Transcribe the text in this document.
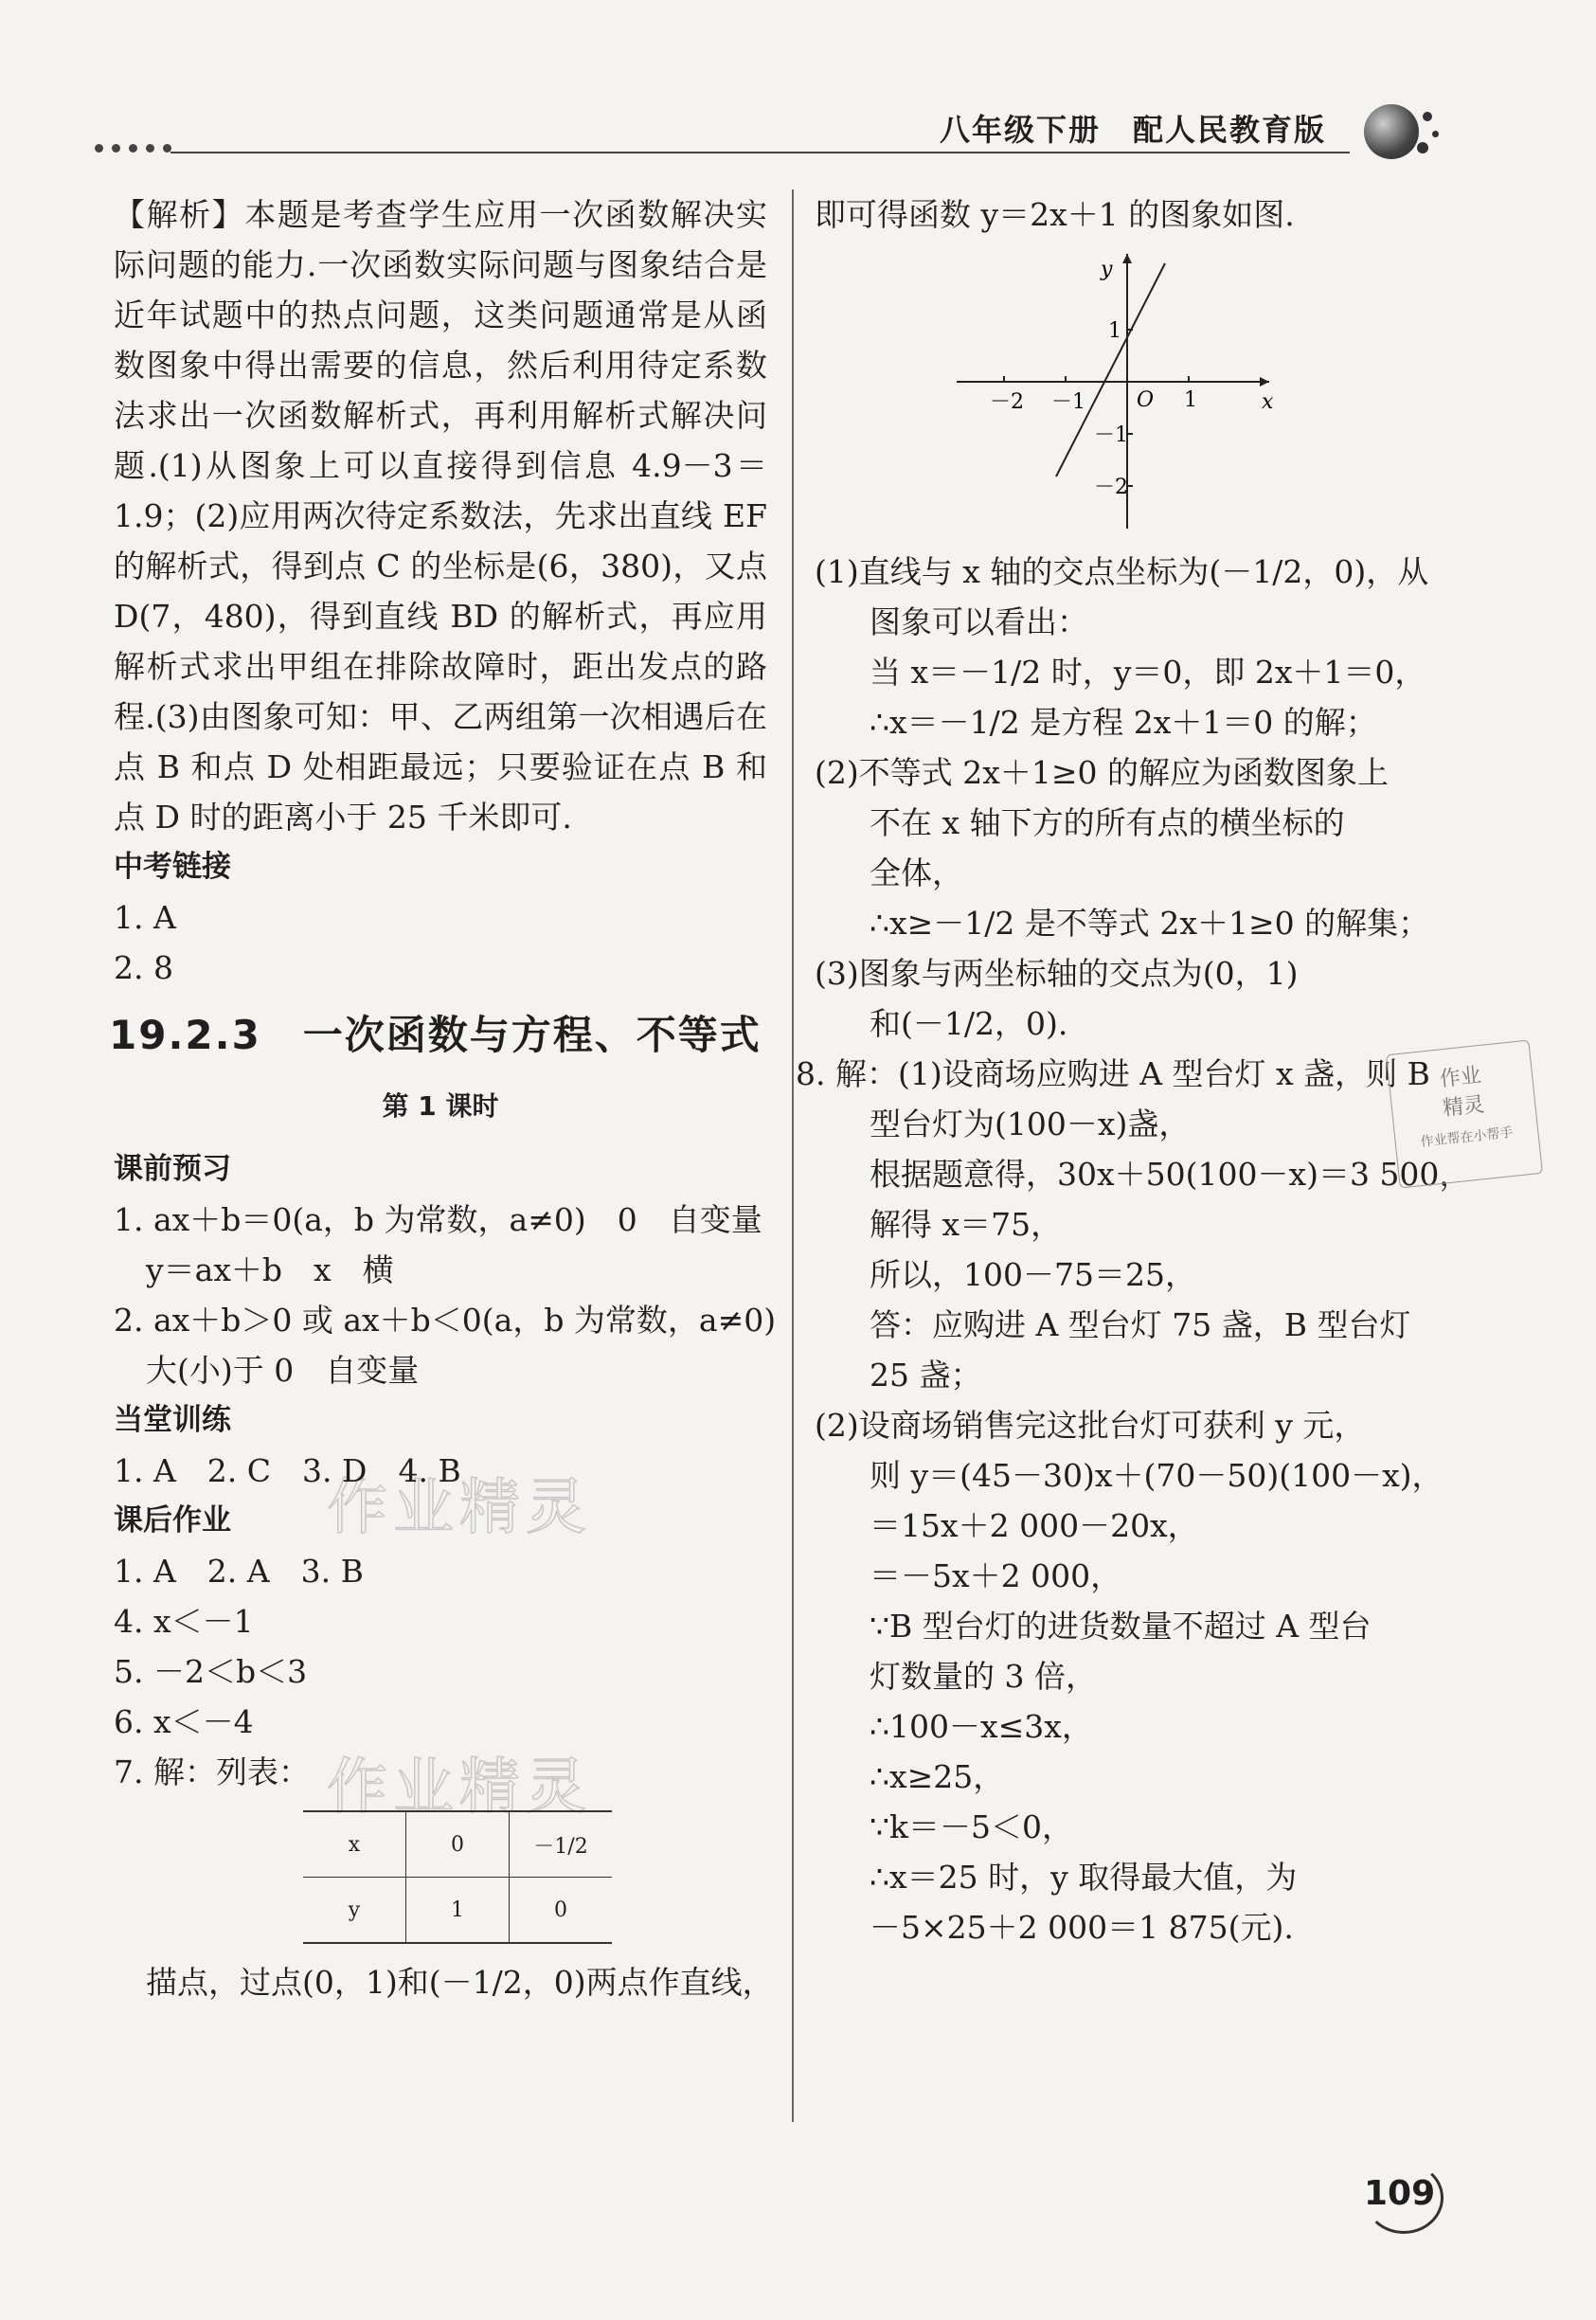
八年级下册　配人民教育版
作业精灵
作业精灵

【解析】本题是考查学生应用一次函数解决实际问题的能力.一次函数实际问题与图象结合是近年试题中的热点问题，这类问题通常是从函数图象中得出需要的信息，然后利用待定系数法求出一次函数解析式，再利用解析式解决问题.(1)从图象上可以直接得到信息 4.9－3＝1.9；(2)应用两次待定系数法，先求出直线 EF 的解析式，得到点 C 的坐标是(6，380)，又点 D(7，480)，得到直线 BD 的解析式，再应用解析式求出甲组在排除故障时，距出发点的路程.(3)由图象可知：甲、乙两组第一次相遇后在点 B 和点 D 处相距最远；只要验证在点 B 和点 D 时的距离小于 25 千米即可.

中考链接
1. A
2. 8
19.2.3　一次函数与方程、不等式
第 1 课时
课前预习
1. ax＋b＝0(a，b 为常数，a≠0)　0　自变量
y＝ax＋b　x　横
2. ax＋b＞0 或 ax＋b＜0(a，b 为常数，a≠0)
大(小)于 0　自变量
当堂训练
1. A　2. C　3. D　4. B
课后作业
1. A　2. A　3. B
4. x＜－1
5. －2＜b＜3
6. x＜－4
7. 解：列表：
x	0	－1/2
y	1	0
描点，过点(0，1)和(－1/2，0)两点作直线，
即可得函数 y＝2x＋1 的图象如图.
x
y
O
－2 －1	1
1
－1
－2
(1)直线与 x 轴的交点坐标为(－1/2，0)，从
图象可以看出：
当 x＝－1/2 时，y＝0，即 2x＋1＝0，
∴x＝－1/2 是方程 2x＋1＝0 的解；
(2)不等式 2x＋1≥0 的解应为函数图象上
不在 x 轴下方的所有点的横坐标的
全体，
∴x≥－1/2 是不等式 2x＋1≥0 的解集；
(3)图象与两坐标轴的交点为(0，1)
和(－1/2，0).
8. 解：(1)设商场应购进 A 型台灯 x 盏，则 B
型台灯为(100－x)盏，
根据题意得，30x＋50(100－x)＝3 500，
解得 x＝75，
所以，100－75＝25，
答：应购进 A 型台灯 75 盏，B 型台灯
25 盏；
(2)设商场销售完这批台灯可获利 y 元，
则 y＝(45－30)x＋(70－50)(100－x)，
＝15x＋2 000－20x，
＝－5x＋2 000，
∵B 型台灯的进货数量不超过 A 型台
灯数量的 3 倍，
∴100－x≤3x，
∴x≥25，
∵k＝－5＜0，
∴x＝25 时，y 取得最大值，为
－5×25＋2 000＝1 875(元).
作业
精灵
作业帮在小帮手
109
